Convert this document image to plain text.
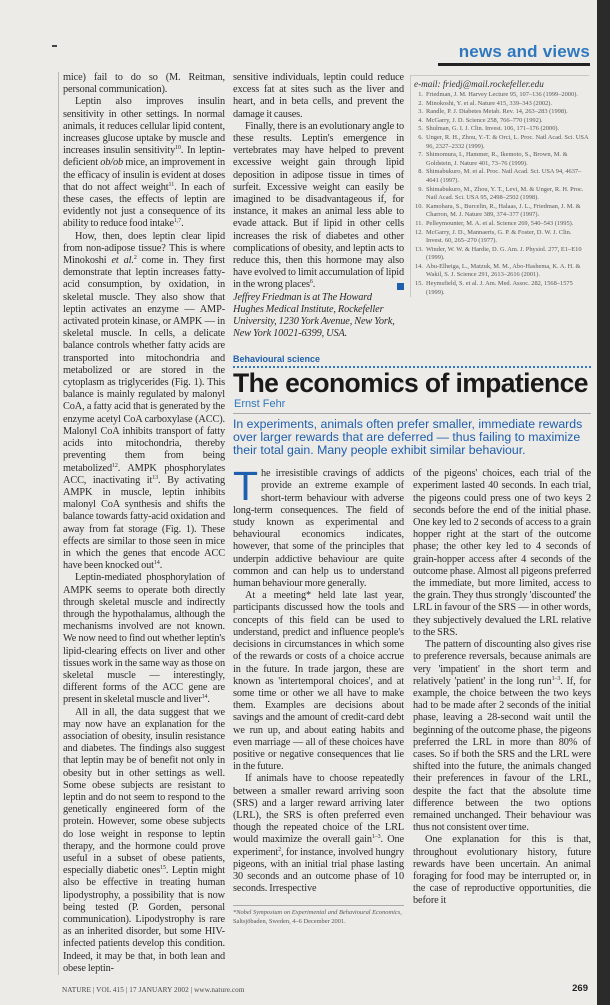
news and views

mice) fail to do so (M. Reitman, personal communication).

Leptin also improves insulin sensitivity in other settings. In normal animals, it reduces cellular lipid content, increases glucose uptake by muscle and increases insulin sensitivity$^{10}$. In leptin-deficient ob/ob mice, an improvement in the efficacy of insulin is evident at doses that do not affect weight$^{11}$. In each of these cases, the effects of leptin are evidently not just a consequence of its ability to reduce food intake$^{1,7}$.

How, then, does leptin clear lipid from non-adipose tissue? This is where Minokoshi et al.$^2$ come in. They first demonstrate that leptin increases fatty-acid consumption, by oxidation, in skeletal muscle. They also show that leptin activates an enzyme — AMP-activated protein kinase, or AMPK — in skeletal muscle. In cells, a delicate balance controls whether fatty acids are transported into mitochondria and metabolized or are stored in the cytoplasm as triglycerides (Fig. 1). This balance is mainly regulated by malonyl CoA, a fatty acid that is generated by the enzyme acetyl CoA carboxylase (ACC). Malonyl CoA inhibits transport of fatty acids into mitochondria, thereby preventing them from being metabolized$^{12}$. AMPK phosphorylates ACC, inactivating $it^{13}$. By activating AMPK in muscle, leptin inhibits malonyl CoA synthesis and shifts the balance towards fatty-acid oxidation and away from fat storage (Fig. 1). These effects are similar to those seen in mice in which the genes that encode ACC have been knocked out$^{14}$.

Leptin-mediated phosphorylation of AMPK seems to operate both directly through skeletal muscle and indirectly through the hypothalamus, although the mechanisms involved are not known. We now need to find out whether leptin's lipid-clearing effects on liver and other tissues work in the same way as those on skeletal muscle — interestingly, different forms of the ACC gene are present in skeletal muscle and liver$^{14}$.

All in all, the data suggest that we may now have an explanation for the association of obesity, insulin resistance and diabetes. The findings also suggest that leptin may be of benefit not only in obesity but in other settings as well. Some obese subjects are resistant to leptin and do not seem to respond to the genetically engineered form of the protein. However, some obese subjects do lose weight in response to leptin therapy, and the hormone could prove useful in a subset of obese patients, especially diabetic ones$^{15}$. Leptin might also be effective in treating human lipodystrophy, a possibility that is now being tested (P. Gorden, personal communication). Lipodystrophy is rare as an inherited disorder, but some HIV-infected patients develop this condition. Indeed, it may be that, in both lean and obese leptin-

sensitive individuals, leptin could reduce excess fat at sites such as the liver and heart, and in beta cells, and prevent the damage it causes.

Finally, there is an evolutionary angle to these results. Leptin's emergence in vertebrates may have helped to prevent excessive weight gain through lipid deposition in adipose tissue in times of surfeit. Excessive weight can easily be imagined to be disadvantageous if, for instance, it makes an animal less able to evade attack. But if lipid in other cells increases the risk of diabetes and other complications of obesity, and leptin acts to reduce this, then this hormone may also have evolved to limit accumulation of lipid in the wrong places$^6$.

Jeffrey Friedman is at The Howard Hughes Medical Institute, Rockefeller University, 1230 York Avenue, New York, New York 10021-6399, USA.

e-mail: friedj@mail.rockefeller.edu
1. Friedman, J. M. Harvey Lecture 95, 107–136 (1999–2000).
2. Minokoshi, Y. et al. Nature 415, 339–343 (2002).
3. Randle, P. J. Diabetes Metab. Rev. 14, 263–283 (1998).
4. McGarry, J. D. Science 258, 766–770 (1992).
5. Shulman, G. I. J. Clin. Invest. 106, 171–176 (2000).
6. Unger, R. H., Zhou, Y.-T. & Orci, L. Proc. Natl Acad. Sci. USA 96, 2327–2332 (1999).
7. Shimomura, I., Hammer, R., Ikemoto, S., Brown, M. & Goldstein, J. Nature 401, 73–76 (1999).
8. Shimabukuro, M. et al. Proc. Natl Acad. Sci. USA 94, 4637–4641 (1997).
9. Shimabukuro, M., Zhou, Y. T., Levi, M. & Unger, R. H. Proc. Natl Acad. Sci. USA 95, 2498–2502 (1998).
10. Kamohara, S., Burcelin, R., Halaas, J. L., Friedman, J. M. & Charron, M. J. Nature 389, 374–377 (1997).
11. Pelleymounter, M. A. et al. Science 269, 540–543 (1995).
12. McGarry, J. D., Mannaerts, G. P. & Foster, D. W. J. Clin. Invest. 60, 265–270 (1977).
13. Winder, W. W. & Hardie, D. G. Am. J. Physiol. 277, E1–E10 (1999).
14. Abu-Elheiga, L., Matzuk, M. M., Abo-Hashema, K. A. H. & Wakil, S. J. Science 291, 2613–2616 (2001).
15. Heymsfield, S. et al. J. Am. Med. Assoc. 282, 1568–1575 (1999).
Behavioural science
The economics of impatience
Ernst Fehr
In experiments, animals often prefer smaller, immediate rewards over larger rewards that are deferred — thus failing to maximize their total gain. Many people exhibit similar behaviour.
T he irresistible cravings of addicts provide an extreme example of short-term behaviour with adverse long-term consequences. The field of study known as experimental and behavioural economics indicates, however, that some of the principles that underpin addictive behaviour are quite common and can help us to understand human behaviour more generally.

At a meeting* held late last year, participants discussed how the tools and concepts of this field can be used to understand, predict and influence people's decisions in circumstances in which some of the rewards or costs of a choice accrue in the future. In trade jargon, these are known as 'intertemporal choices', and at some time or other we all have to make them. Examples are decisions about savings and the amount of credit-card debt we run up, and about eating habits and even marriage — all of these choices have positive or negative consequences that lie in the future.

If animals have to choose repeatedly between a smaller reward arriving soon (SRS) and a larger reward arriving later (LRL), the SRS is often preferred even though the repeated choice of the LRL would maximize the overall gain$^{1-3}$. One experiment$^2$, for instance, involved hungry pigeons, with an initial trial phase lasting 30 seconds and an outcome phase of 10 seconds. Irrespective

*Nobel Symposium on Experimental and Behavioural Economics,
Saltsjöbaden, Sweden, 4–6 December 2001.

of the pigeons' choices, each trial of the experiment lasted 40 seconds. In each trial, the pigeons could press one of two keys 2 seconds before the end of the initial phase. One key led to 2 seconds of access to a grain hopper right at the start of the outcome phase; the other key led to 4 seconds of grain-hopper access after 4 seconds of the outcome phase. Almost all pigeons preferred the immediate, but more limited, access to the grain. They thus strongly 'discounted' the LRL in favour of the SRS — in other words, they subjectively devalued the LRL relative to the SRS.

The pattern of discounting also gives rise to preference reversals, because animals are very 'impatient' in the short term and relatively 'patient' in the long run$^{1-3}$. If, for example, the choice between the two keys had to be made after 2 seconds of the initial phase, leaving a 28-second wait until the beginning of the outcome phase, the pigeons preferred the LRL in more than 80% of cases. So if both the SRS and the LRL were shifted into the future, the animals changed their preferences in favour of the LRL, despite the fact that the absolute time difference between the two options remained unchanged. Their behaviour was thus not consistent over time.

One explanation for this is that, throughout evolutionary history, future rewards have been uncertain. An animal foraging for food may be interrupted or, in the case of reproductive opportunities, die before it

NATURE | VOL 415 | 17 JANUARY 2002 | www.nature.com	269
